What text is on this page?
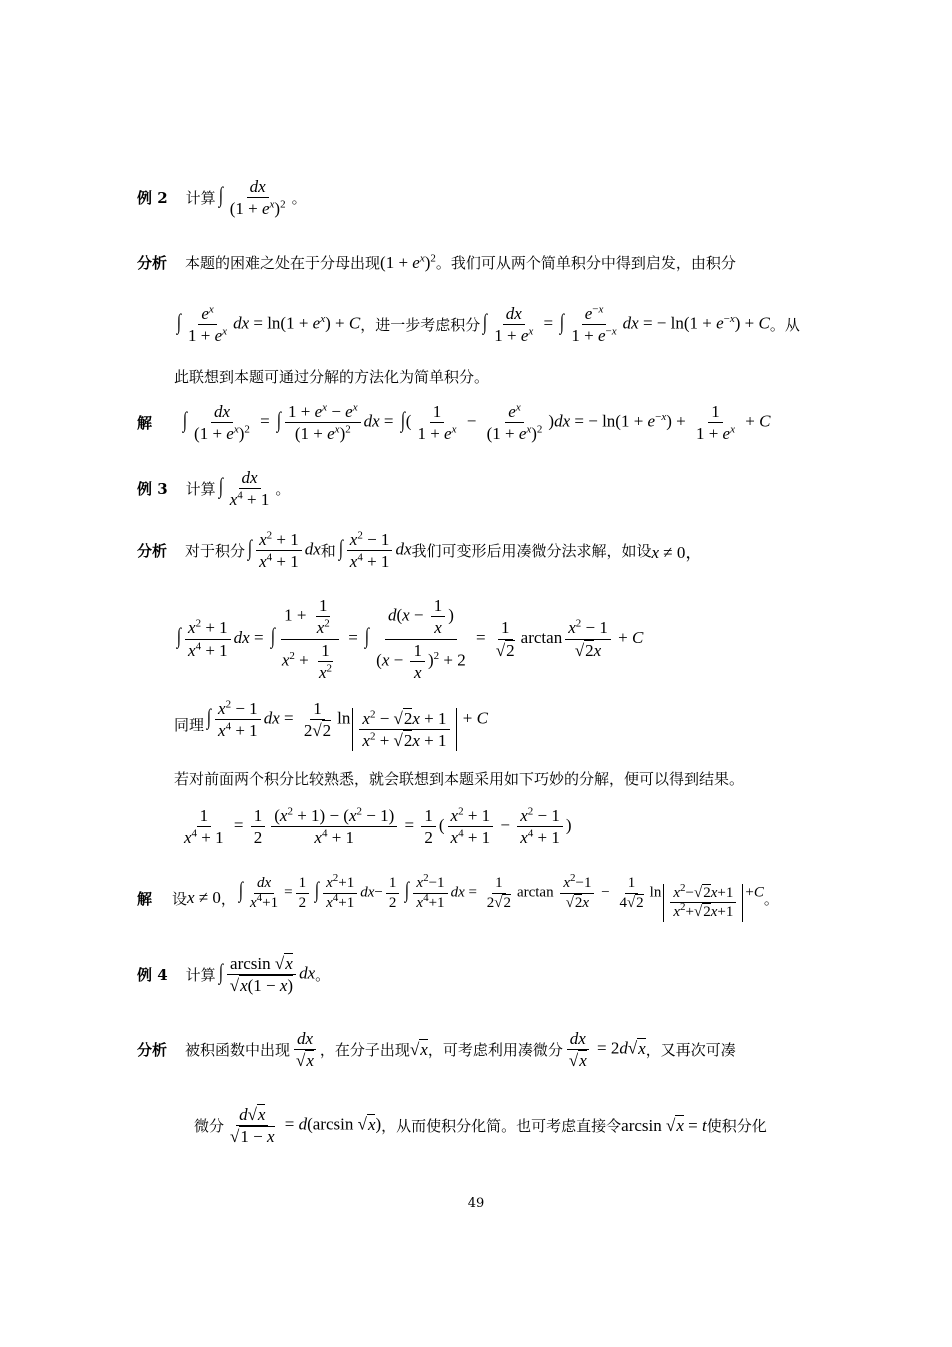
例 2 计算 ∫ $\frac{dx}{(1 + e^x)^2}$ 。
分析 本题的困难之处在于分母出现 $(1 + e^x)^2$ 。我们可从两个简单积分中得到启发，由积分
∫ $\frac{e^x}{1 + e^x}$ dx = $\ln(1 + e^x) + C$ ，进一步考虑积分 ∫ $\frac{dx}{1 + e^x}$ = ∫ $\frac{e^{-x}}{1 + e^{-x}}$ dx = − $\ln(1 + e^{-x}) + C$ 。从
此联想到本题可通过分解的方法化为简单积分。
解 ∫ $\frac{dx}{(1 + e^x)^2}$ = ∫ $\frac{1 + e^x - e^x}{(1 + e^x)^2}$ dx = ∫( $\frac{1}{1 + e^x} - \frac{e^x}{(1 + e^x)^2} )dx$ = − $\ln(1 + e^{-x}) + \frac{1}{1 + e^x} + C$
例 3 计算 ∫ $\frac{dx}{x^4 + 1}$ 。
分析 对于积分 ∫ $\frac{x^2 + 1}{x^4 + 1}$ dx 和 ∫ $\frac{x^2 - 1}{x^4 + 1}$ dx 我们可变形后用凑微分法求解，如设 x ≠ 0，
∫ $\frac{x^2 + 1}{x^4 + 1}$ dx = ∫ $\frac{1 + \frac{1}{x^2}}{x^2 + \frac{1}{x^2}}$ = ∫ $\frac{d(x - \frac{1}{x} )}{(x - \frac{1}{x} )^2 + 2} = \frac{1}{√2}$ $\arctan \frac{x^2 - 1}{√2x} + C$
同理 ∫ $\frac{x^2 - 1}{x^4 + 1}$ dx = $\frac{1}{2√2}$ $\ln \frac{x^2 - √2x + 1}{x^2 + √2x + 1} + C$
若对前面两个积分比较熟悉，就会联想到本题采用如下巧妙的分解，便可以得到结果。
$\frac{1}{x^4 + 1} = \frac{1}{2} \frac{(x^2 + 1) - (x^2 - 1)}{x^4 + 1} = \frac{1}{2}$ ( $\frac{x^2 + 1}{x^4 + 1} - \frac{x^2 - 1}{x^4 + 1}$ )
解 设 x ≠ 0 ， ∫ $\frac{dx}{x^4+1} = \frac{1}{2}$ ∫ $\frac{x^2+1}{x^4+1} dx- \frac{1}{2}$ ∫ $\frac{x^2-1}{x^4+1}$ dx = $\frac{1}{2√2}$ $\arctan \frac{x^2-1}{√2x} - \frac{1}{4√2}$ $\ln \frac{x^2-√2x+1}{x^2+√2x+1} +C$ 。
例 4 计算 ∫ $\frac{\arcsin √x}{√x(1 - x)}$ dx 。
分析 被积函数中出现 $\frac{dx}{√x}$ ，在分子出现 √x ，可考虑利用凑微分 $\frac{dx}{√x} = 2d√x$ ，又再次可凑
微分 $\frac{d√x}{√1 - x} = d(\arcsin$ √x) ，从而使积分化简。也可考虑直接令 arcsin √x = t 使积分化
49
